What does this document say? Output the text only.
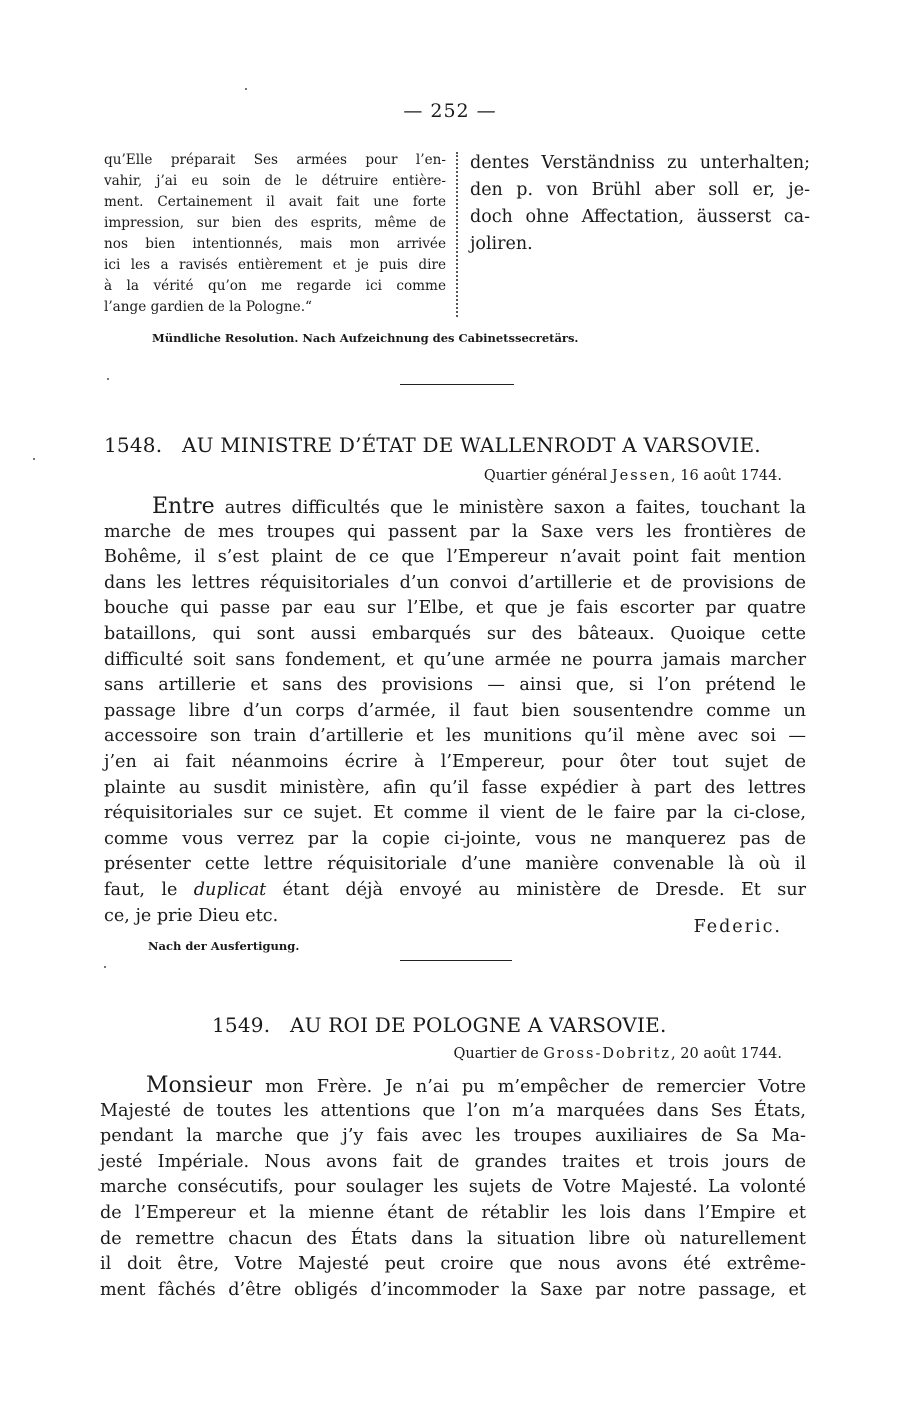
— 252 —
qu’Elle préparait Ses armées pour l’en-
vahir, j’ai eu soin de le détruire entière-
ment. Certainement il avait fait une forte
impression, sur bien des esprits, même de
nos bien intentionnés, mais mon arrivée
ici les a ravisés entièrement et je puis dire
à la vérité qu’on me regarde ici comme
l’ange gardien de la Pologne.“
dentes Verständniss zu unterhalten;
den p. von Brühl aber soll er, je-
doch ohne Affectation, äusserst ca-
joliren.
Mündliche Resolution. Nach Aufzeichnung des Cabinetssecretärs.
1548. AU MINISTRE D’ÉTAT DE WALLENRODT A VARSOVIE.
Quartier général Jessen, 16 août 1744.
Entre autres difficultés que le ministère saxon a faites, touchant la
marche de mes troupes qui passent par la Saxe vers les frontières de
Bohême, il s’est plaint de ce que l’Empereur n’avait point fait mention
dans les lettres réquisitoriales d’un convoi d’artillerie et de provisions de
bouche qui passe par eau sur l’Elbe, et que je fais escorter par quatre
bataillons, qui sont aussi embarqués sur des bâteaux. Quoique cette
difficulté soit sans fondement, et qu’une armée ne pourra jamais marcher
sans artillerie et sans des provisions — ainsi que, si l’on prétend le
passage libre d’un corps d’armée, il faut bien sousentendre comme un
accessoire son train d’artillerie et les munitions qu’il mène avec soi —
j’en ai fait néanmoins écrire à l’Empereur, pour ôter tout sujet de
plainte au susdit ministère, afin qu’il fasse expédier à part des lettres
réquisitoriales sur ce sujet. Et comme il vient de le faire par la ci-close,
comme vous verrez par la copie ci-jointe, vous ne manquerez pas de
présenter cette lettre réquisitoriale d’une manière convenable là où il
faut, le duplicat étant déjà envoyé au ministère de Dresde. Et sur
ce, je prie Dieu etc.
Federic.
Nach der Ausfertigung.
1549. AU ROI DE POLOGNE A VARSOVIE.
Quartier de Gross-Dobritz, 20 août 1744.
Monsieur mon Frère. Je n’ai pu m’empêcher de remercier Votre
Majesté de toutes les attentions que l’on m’a marquées dans Ses États,
pendant la marche que j’y fais avec les troupes auxiliaires de Sa Ma-
jesté Impériale. Nous avons fait de grandes traites et trois jours de
marche consécutifs, pour soulager les sujets de Votre Majesté. La volonté
de l’Empereur et la mienne étant de rétablir les lois dans l’Empire et
de remettre chacun des États dans la situation libre où naturellement
il doit être, Votre Majesté peut croire que nous avons été extrême-
ment fâchés d’être obligés d’incommoder la Saxe par notre passage, et
